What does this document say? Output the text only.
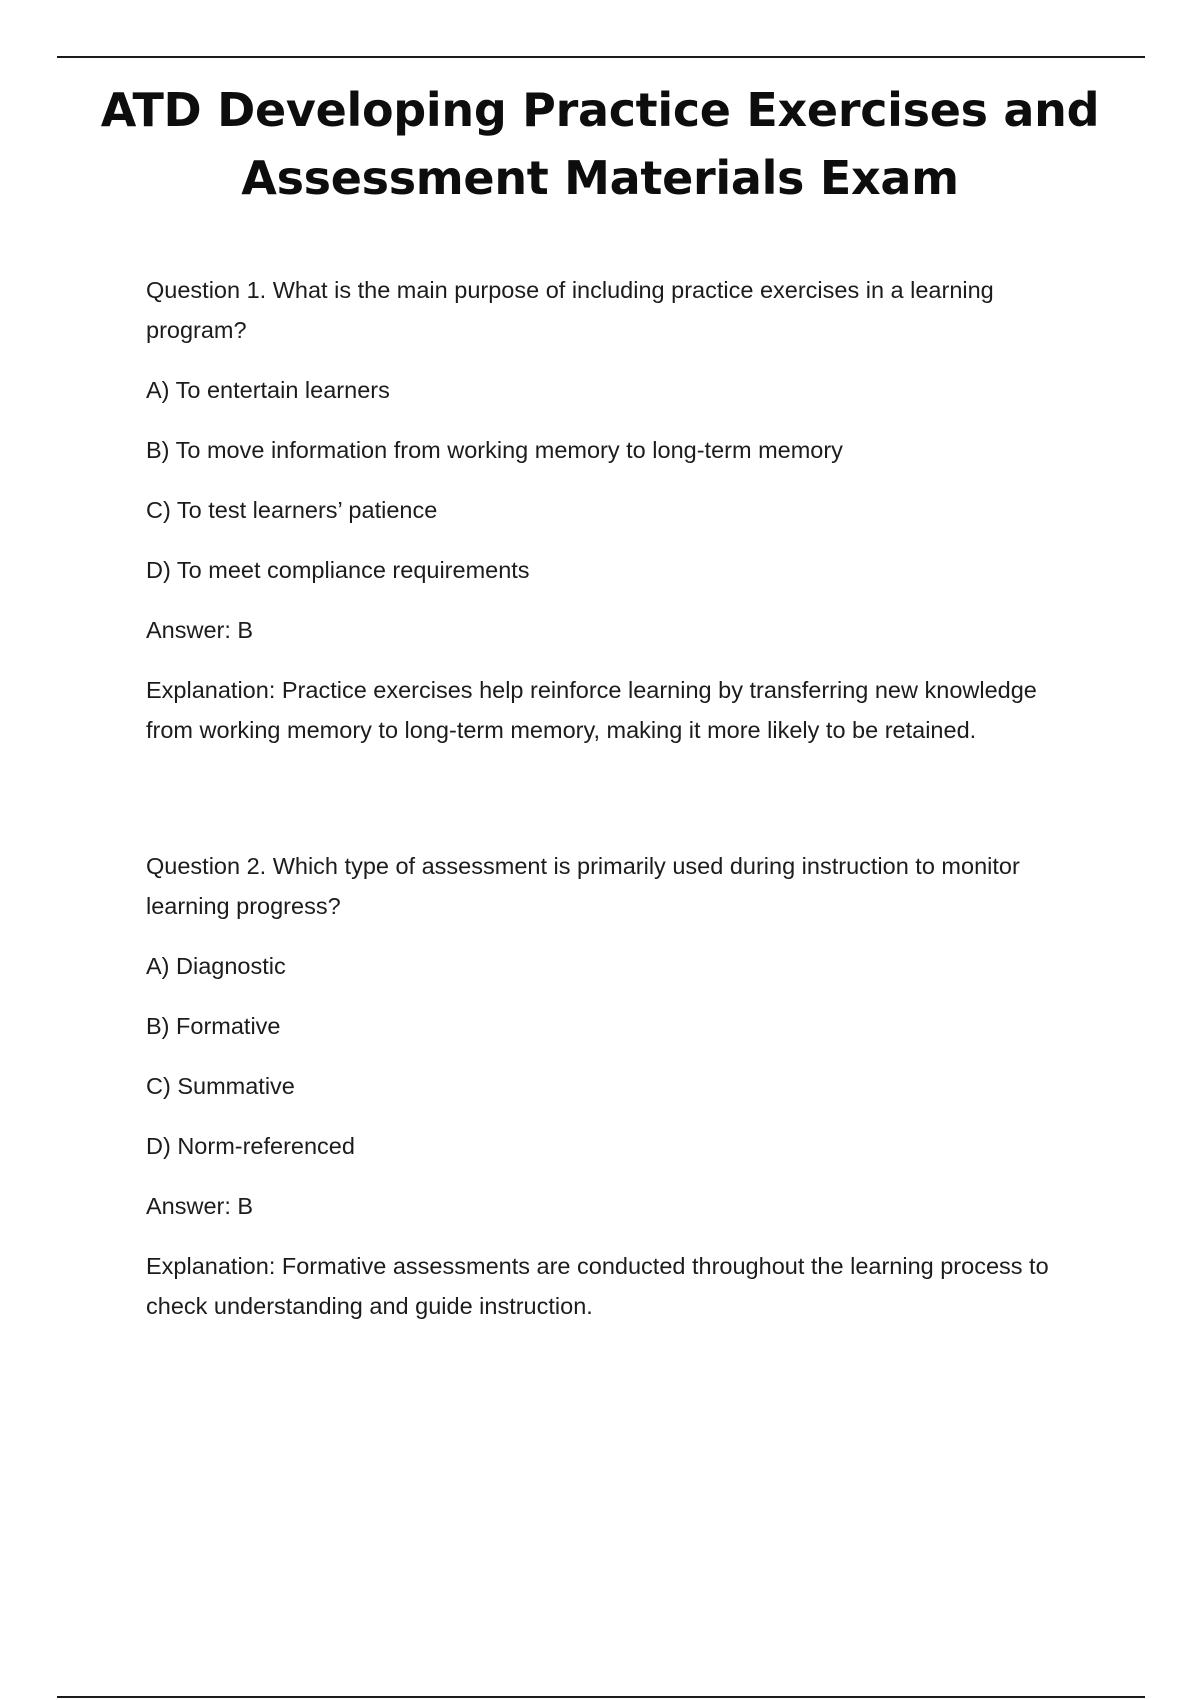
ATD Developing Practice Exercises and Assessment Materials Exam

Question 1. What is the main purpose of including practice exercises in a learning program?

A) To entertain learners
B) To move information from working memory to long-term memory
C) To test learners’ patience
D) To meet compliance requirements

Answer: B

Explanation: Practice exercises help reinforce learning by transferring new knowledge from working memory to long-term memory, making it more likely to be retained.

Question 2. Which type of assessment is primarily used during instruction to monitor learning progress?

A) Diagnostic
B) Formative
C) Summative
D) Norm-referenced

Answer: B

Explanation: Formative assessments are conducted throughout the learning process to check understanding and guide instruction.
